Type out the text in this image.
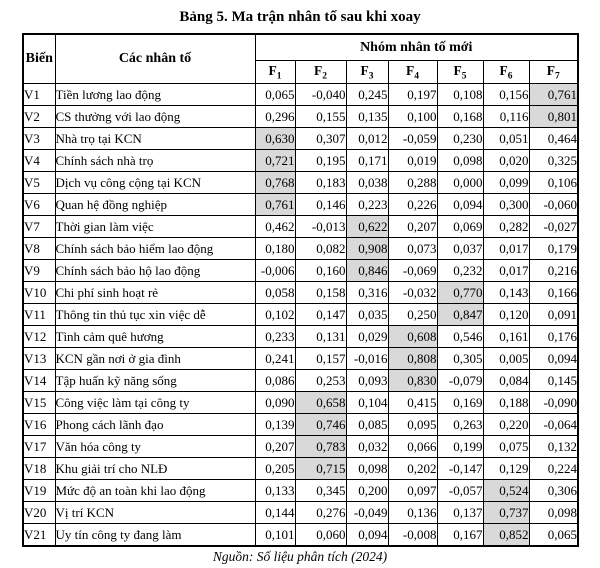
Bảng 5. Ma trận nhân tố sau khi xoay
Biến	Các nhân tố	Nhóm nhân tố mới						
		$F_1$	$F_2$	$F_3$	$F_4$	$F_5$	$F_6$	$F_7$
V1	Tiền lương lao động	0,065	-0,040	0,245	0,197	0,108	0,156	0,761
V2	CS thưởng với lao động	0,296	0,155	0,135	0,100	0,168	0,116	0,801
V3	Nhà trọ tại KCN	0,630	0,307	0,012	-0,059	0,230	0,051	0,464
V4	Chính sách nhà trọ	0,721	0,195	0,171	0,019	0,098	0,020	0,325
V5	Dịch vụ công cộng tại KCN	0,768	0,183	0,038	0,288	0,000	0,099	0,106
V6	Quan hệ đồng nghiệp	0,761	0,146	0,223	0,226	0,094	0,300	-0,060
V7	Thời gian làm việc	0,462	-0,013	0,622	0,207	0,069	0,282	-0,027
V8	Chính sách bảo hiểm lao động	0,180	0,082	0,908	0,073	0,037	0,017	0,179
V9	Chính sách bảo hộ lao động	-0,006	0,160	0,846	-0,069	0,232	0,017	0,216
V10	Chi phí sinh hoạt rẻ	0,058	0,158	0,316	-0,032	0,770	0,143	0,166
V11	Thông tin thủ tục xin việc dễ	0,102	0,147	0,035	0,250	0,847	0,120	0,091
V12	Tình cảm quê hương	0,233	0,131	0,029	0,608	0,546	0,161	0,176
V13	KCN gần nơi ở gia đình	0,241	0,157	-0,016	0,808	0,305	0,005	0,094
V14	Tập huấn kỹ năng sống	0,086	0,253	0,093	0,830	-0,079	0,084	0,145
V15	Công việc làm tại công ty	0,090	0,658	0,104	0,415	0,169	0,188	-0,090
V16	Phong cách lãnh đạo	0,139	0,746	0,085	0,095	0,263	0,220	-0,064
V17	Văn hóa công ty	0,207	0,783	0,032	0,066	0,199	0,075	0,132
V18	Khu giải trí cho NLĐ	0,205	0,715	0,098	0,202	-0,147	0,129	0,224
V19	Mức độ an toàn khi lao động	0,133	0,345	0,200	0,097	-0,057	0,524	0,306
V20	Vị trí KCN	0,144	0,276	-0,049	0,136	0,137	0,737	0,098
V21	Uy tín công ty đang làm	0,101	0,060	0,094	-0,008	0,167	0,852	0,065
Nguồn: Số liệu phân tích (2024)
